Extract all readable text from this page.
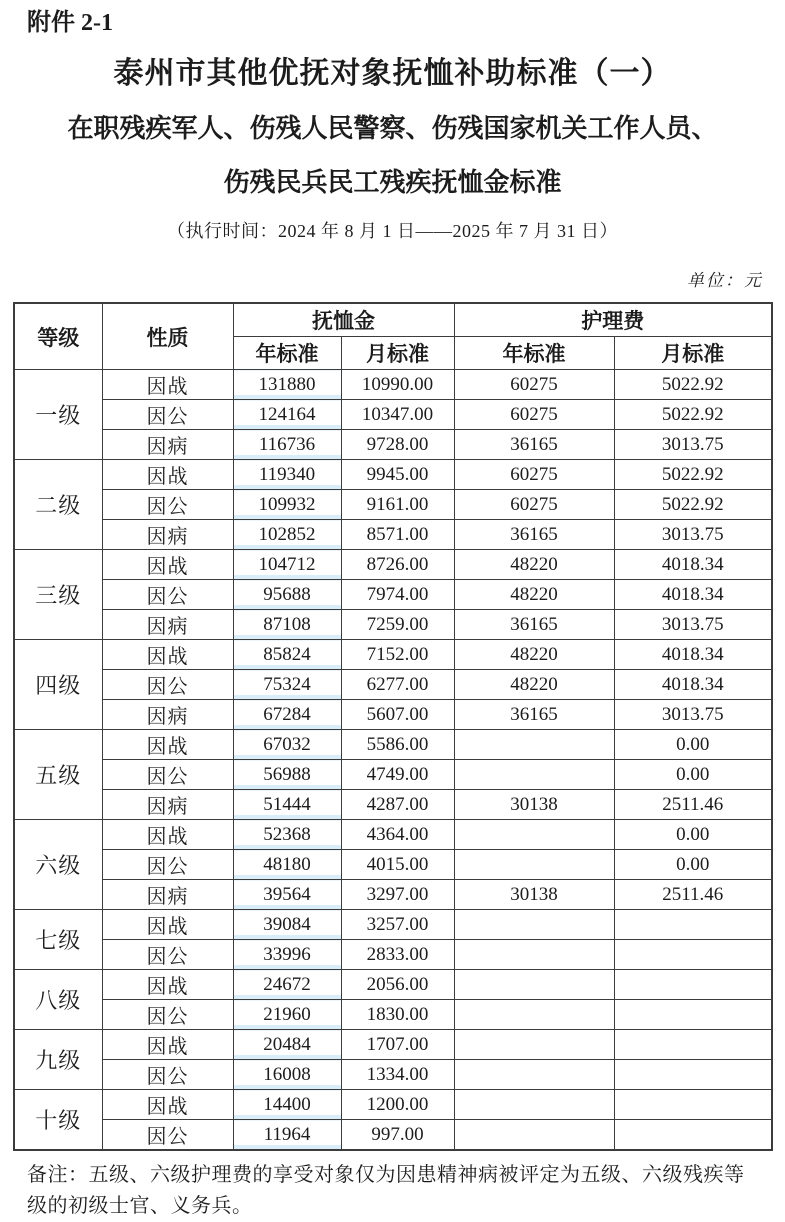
附件 2-1
泰州市其他优抚对象抚恤补助标准（一）
在职残疾军人、伤残人民警察、伤残国家机关工作人员、
伤残民兵民工残疾抚恤金标准
（执行时间：2024 年 8 月 1 日——2025 年 7 月 31 日）
单位：元
等级	性质	抚恤金		护理费	
		年标准	月标准	年标准	月标准
一级	因战	131880	10990.00	60275	5022.92
	因公	124164	10347.00	60275	5022.92
	因病	116736	9728.00	36165	3013.75
二级	因战	119340	9945.00	60275	5022.92
	因公	109932	9161.00	60275	5022.92
	因病	102852	8571.00	36165	3013.75
三级	因战	104712	8726.00	48220	4018.34
	因公	95688	7974.00	48220	4018.34
	因病	87108	7259.00	36165	3013.75
四级	因战	85824	7152.00	48220	4018.34
	因公	75324	6277.00	48220	4018.34
	因病	67284	5607.00	36165	3013.75
五级	因战	67032	5586.00		0.00
	因公	56988	4749.00		0.00
	因病	51444	4287.00	30138	2511.46
六级	因战	52368	4364.00		0.00
	因公	48180	4015.00		0.00
	因病	39564	3297.00	30138	2511.46
七级	因战	39084	3257.00		
	因公	33996	2833.00		
八级	因战	24672	2056.00		
	因公	21960	1830.00		
九级	因战	20484	1707.00		
	因公	16008	1334.00		
十级	因战	14400	1200.00		
	因公	11964	997.00		
备注：五级、六级护理费的享受对象仅为因患精神病被评定为五级、六级残疾等级的初级士官、义务兵。
